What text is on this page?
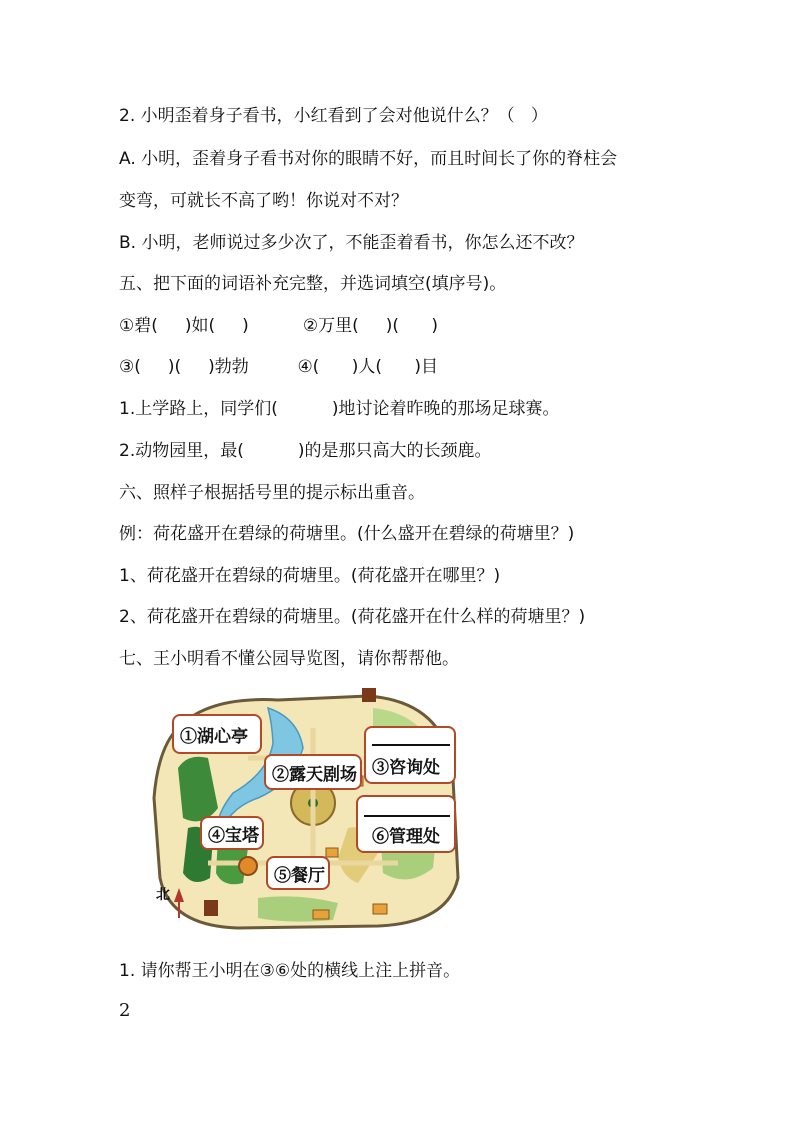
2. 小明歪着身子看书，小红看到了会对他说什么？（   ）
A. 小明，歪着身子看书对你的眼睛不好，而且时间长了你的脊柱会
变弯，可就长不高了哟！你说对不对？
B. 小明，老师说过多少次了，不能歪着看书，你怎么还不改？
五、把下面的词语补充完整，并选词填空(填序号)。
①碧(     )如(     )          ②万里(     )(      )
③(     )(     )勃勃         ④(      )人(      )目
1.上学路上，同学们(          )地讨论着昨晚的那场足球赛。
2.动物园里，最(          )的是那只高大的长颈鹿。
六、照样子根据括号里的提示标出重音。
例：荷花盛开在碧绿的荷塘里。(什么盛开在碧绿的荷塘里？)
1、荷花盛开在碧绿的荷塘里。(荷花盛开在哪里？)
2、荷花盛开在碧绿的荷塘里。(荷花盛开在什么样的荷塘里？)
七、王小明看不懂公园导览图，请你帮帮他。
①湖心亭
②露天剧场 ③咨询处
④宝塔
⑤餐厅
⑥管理处
北
1. 请你帮王小明在③⑥处的横线上注上拼音。
2
